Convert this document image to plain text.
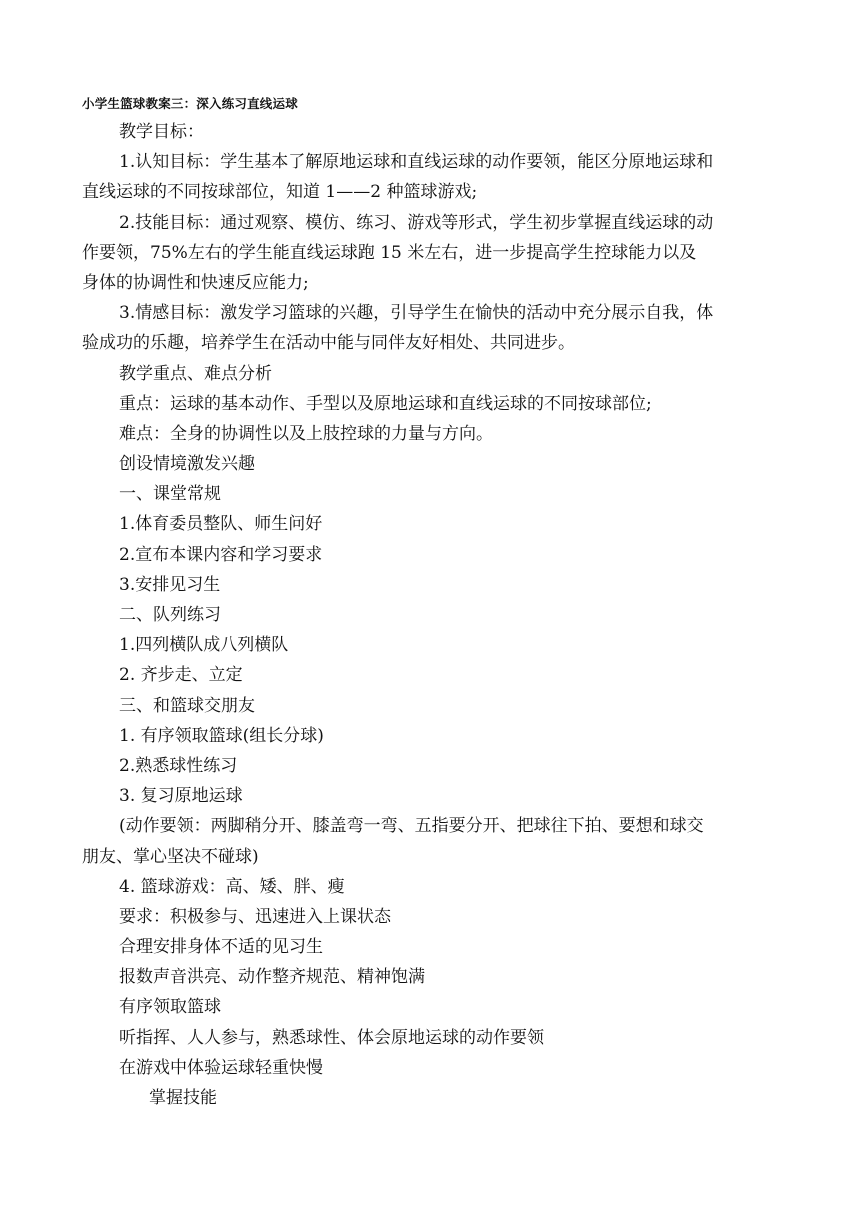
小学生篮球教案三：深入练习直线运球
教学目标：
1.认知目标：学生基本了解原地运球和直线运球的动作要领，能区分原地运球和
直线运球的不同按球部位，知道 1——2 种篮球游戏;
2.技能目标：通过观察、模仿、练习、游戏等形式，学生初步掌握直线运球的动
作要领，75%左右的学生能直线运球跑 15 米左右，进一步提高学生控球能力以及
身体的协调性和快速反应能力;
3.情感目标：激发学习篮球的兴趣，引导学生在愉快的活动中充分展示自我，体
验成功的乐趣，培养学生在活动中能与同伴友好相处、共同进步。
教学重点、难点分析
重点：运球的基本动作、手型以及原地运球和直线运球的不同按球部位;
难点：全身的协调性以及上肢控球的力量与方向。
创设情境激发兴趣
一、课堂常规
1.体育委员整队、师生问好
2.宣布本课内容和学习要求
3.安排见习生
二、队列练习
1.四列横队成八列横队
2. 齐步走、立定
三、和篮球交朋友
1. 有序领取篮球(组长分球)
2.熟悉球性练习
3. 复习原地运球
(动作要领：两脚稍分开、膝盖弯一弯、五指要分开、把球往下拍、要想和球交
朋友、掌心坚决不碰球)
4. 篮球游戏：高、矮、胖、瘦
要求：积极参与、迅速进入上课状态
合理安排身体不适的见习生
报数声音洪亮、动作整齐规范、精神饱满
有序领取篮球
听指挥、人人参与，熟悉球性、体会原地运球的动作要领
在游戏中体验运球轻重快慢
掌握技能
